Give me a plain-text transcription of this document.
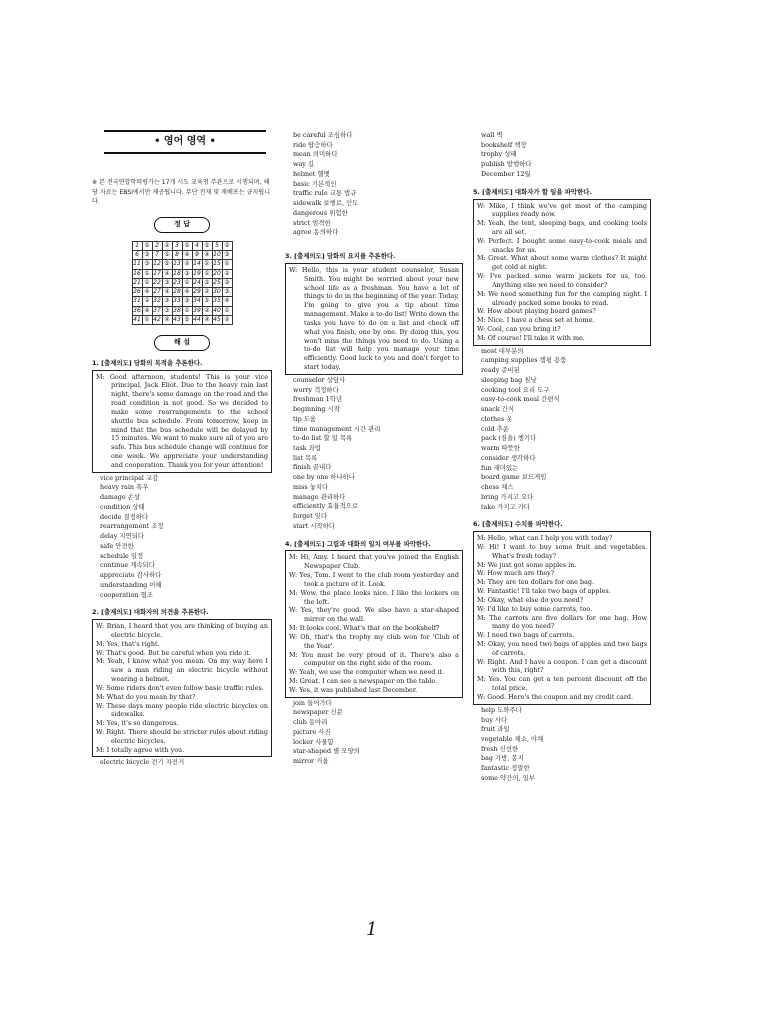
• 영어 영역 •
※ 본 전국연합학력평가는 17개 시도 교육청 주관으로 시행되며, 해당 자료는 EBSi에서만 제공됩니다. 무단 전재 및 재배포는 금지됩니다.
정 답
1	⑤	2	②	3	⑤	4	⑤	5	②
6	③	7	⑤	8	④	9	④	10	③
11	③	12	⑤	13	②	14	①	15	①
16	①	17	④	18	③	19	①	20	②
21	①	22	③	23	①	24	⑤	25	③
26	④	27	④	28	④	29	②	30	③
31	②	32	③	33	③	34	⑤	35	④
36	④	37	③	38	①	39	②	40	①
41	①	42	④	43	⑤	44	④	45	②
해 설
1. [출제의도] 담화의 목적을 추론한다.
M: Good afternoon, students! This is your vice principal, Jack Eliot. Due to the heavy rain last night, there's some damage on the road and the road condition is not good. So we decided to make some rearrangements to the school shuttle bus schedule. From tomorrow, keep in mind that the bus schedule will be delayed by 15 minutes. We want to make sure all of you are safe. This bus schedule change will continue for one week. We appreciate your understanding and cooperation. Thank you for your attention!
vice principal 교감
heavy rain 폭우
damage 손상
condition 상태
decide 결정하다
rearrangement 조정
delay 지연되다
safe 안전한
schedule 일정
continue 계속되다
appreciate 감사하다
understanding 이해
cooperation 협조
2. [출제의도] 대화자의 의견을 추론한다.
W: Brian, I heard that you are thinking of buying an electric bicycle.
M: Yes, that's right.
W: That's good. But be careful when you ride it.
M: Yeah, I know what you mean. On my way here I saw a man riding an electric bicycle without wearing a helmet.
W: Some riders don't even follow basic traffic rules.
M: What do you mean by that?
W: These days many people ride electric bicycles on sidewalks.
M: Yes, it's so dangerous.
W: Right. There should be stricter rules about riding electric bicycles.
M: I totally agree with you.
electric bicycle 전기 자전거
be careful 조심하다
ride 탑승하다
mean 의미하다
way 길
helmet 헬멧
basic 기본적인
traffic rule 교통 법규
sidewalk 보행로, 인도
dangerous 위험한
strict 엄격한
agree 동의하다
3. [출제의도] 담화의 요지를 추론한다.
W: Hello, this is your student counselor, Susan Smith. You might be worried about your new school life as a freshman. You have a lot of things to do in the beginning of the year. Today, I'm going to give you a tip about time management. Make a to-do list! Write down the tasks you have to do on a list and check off what you finish, one by one. By doing this, you won't miss the things you need to do. Using a to-do list will help you manage your time efficiently. Good luck to you and don't forget to start today.
counselor 상담사
worry 걱정하다
freshman 1학년
beginning 시작
tip 도움
time management 시간 관리
to-do list 할 일 목록
task 과업
list 목록
finish 끝내다
one by one 하나하나
miss 놓치다
manage 관리하다
efficiently 효율적으로
forget 잊다
start 시작하다
4. [출제의도] 그림과 대화의 일치 여부를 파악한다.
M: Hi, Amy. I heard that you've joined the English Newspaper Club.
W: Yes, Tom. I went to the club room yesterday and took a picture of it. Look.
M: Wow, the place looks nice. I like the lockers on the left.
W: Yes, they're good. We also have a star-shaped mirror on the wall.
M: It looks cool. What's that on the bookshelf?
W: Oh, that's the trophy my club won for 'Club of the Year'.
M: You must be very proud of it. There's also a computer on the right side of the room.
W: Yeah, we use the computer when we need it.
M: Great. I can see a newspaper on the table.
W: Yes, it was published last December.
join 들어가다
newspaper 신문
club 동아리
picture 사진
locker 사물함
star-shaped 별 모양의
mirror 거울
wall 벽
bookshelf 책장
trophy 상패
publish 발행하다
December 12월
5. [출제의도] 대화자가 할 일을 파악한다.
W: Mike, I think we've got most of the camping supplies ready now.
M: Yeah, the tent, sleeping bags, and cooking tools are all set.
W: Perfect. I bought some easy-to-cook meals and snacks for us.
M: Great. What about some warm clothes? It might get cold at night.
W: I've packed some warm jackets for us, too. Anything else we need to consider?
M: We need something fun for the camping night. I already packed some books to read.
W: How about playing board games?
M: Nice. I have a chess set at home.
W: Cool, can you bring it?
M: Of course! I'll take it with me.
most 대부분의
camping supplies 캠핑 용품
ready 준비된
sleeping bag 침낭
cooking tool 요리 도구
easy-to-cook meal 간편식
snack 간식
clothes 옷
cold 추운
pack (짐을) 챙기다
warm 따뜻한
consider 생각하다
fun 재미있는
board game 보드게임
chess 체스
bring 가지고 오다
take 가지고 가다
6. [출제의도] 수치를 파악한다.
M: Hello, what can I help you with today?
W: Hi! I want to buy some fruit and vegetables. What's fresh today?
M: We just got some apples in.
W: How much are they?
M: They are ten dollars for one bag.
W: Fantastic! I'll take two bags of apples.
M: Okay, what else do you need?
W: I'd like to buy some carrots, too.
M: The carrots are five dollars for one bag. How many do you need?
W: I need two bags of carrots.
M: Okay, you need two bags of apples and two bags of carrots.
W: Right. And I have a coupon. I can get a discount with this, right?
M: Yes. You can get a ten percent discount off the total price.
W: Good. Here's the coupon and my credit card.
help 도와주다
buy 사다
fruit 과일
vegetable 채소, 야채
fresh 신선한
bag 가방, 봉지
fantastic 정말한
some 약간의, 일부
1
